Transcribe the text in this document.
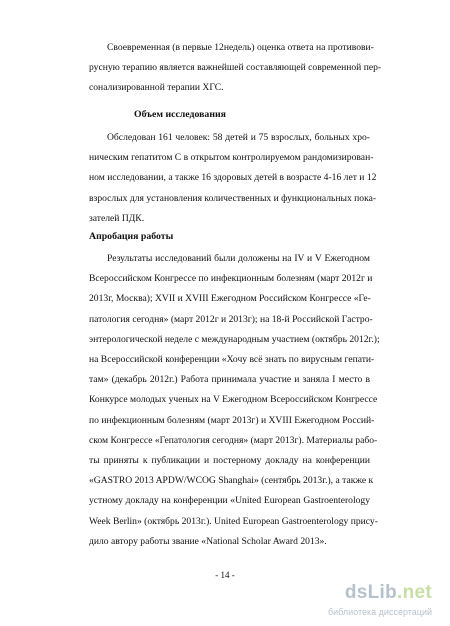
Своевременная (в первые 12недель) оценка ответа на противови-
русную терапию является важнейшей составляющей современной пер-
сонализированной терапии ХГС.
Объем исследования
Обследован 161 человек: 58 детей и 75 взрослых, больных хро-
ническим гепатитом С в открытом контролируемом рандомизирован-
ном исследовании, а также 16 здоровых детей в возрасте 4-16 лет и 12
взрослых для установления количественных и функциональных пока-
зателей ПДК.
Апробация работы
Результаты исследований были доложены на IV и V Ежегодном
Всероссийском Конгрессе по инфекционным болезням (март 2012г и
2013г, Москва); XVII и XVIII Ежегодном Российском Конгрессе «Ге-
патология сегодня» (март 2012г и 2013г); на 18-й Российской Гастро-
энтерологической неделе с международным участием (октябрь 2012г.);
на Всероссийской конференции «Хочу всё знать по вирусным гепати-
там» (декабрь 2012г.) Работа принимала участие и заняла I место в
Конкурсе молодых ученых на V Ежегодном Всероссийском Конгрессе
по инфекционным болезням (март 2013г) и XVIII Ежегодном Россий-
ском Конгрессе «Гепатология сегодня» (март 2013г). Материалы рабо-
ты приняты к публикации и постерному докладу на конференции
«GASTRO 2013 APDW/WCOG Shanghai» (сентябрь 2013г.), а также к
устному докладу на конференции «United European Gastroenterology
Week Berlin» (октябрь 2013г.). United European Gastroenterology прису-
дило автору работы звание «National Scholar Award 2013».
- 14 -
dsLib.net
библиотека диссертаций
